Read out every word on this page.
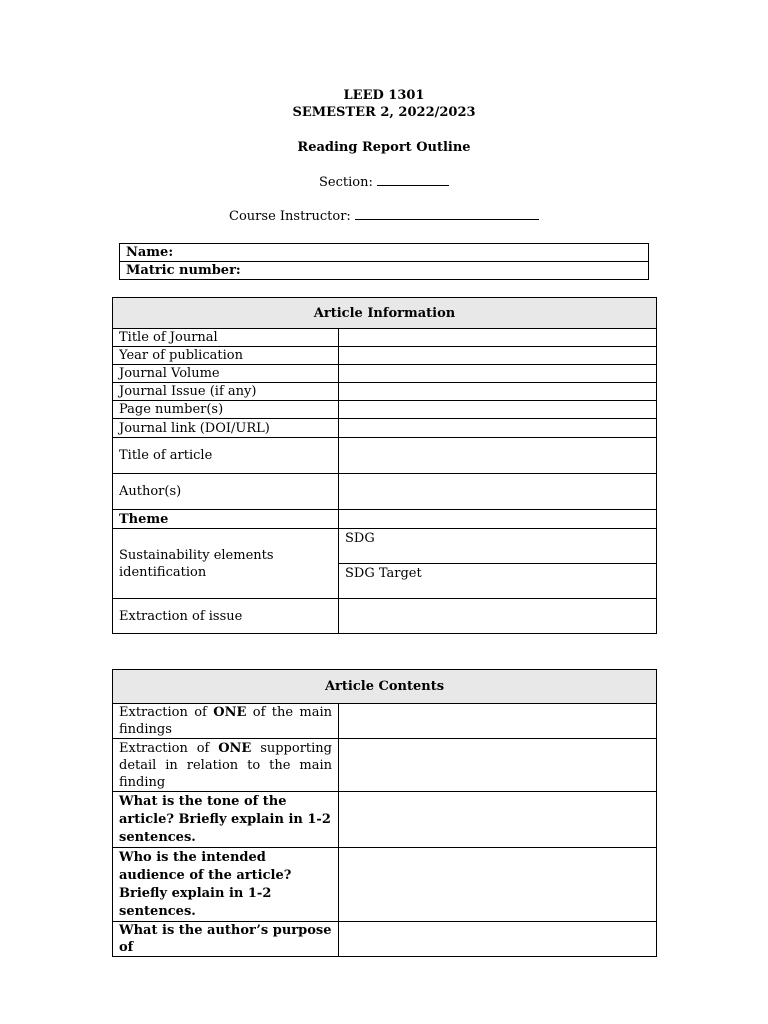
LEED 1301
SEMESTER 2, 2022/2023
Reading Report Outline
Section:
Course Instructor:
Name:
Matric number:
Article Information	
Title of Journal	
Year of publication	
Journal Volume	
Journal Issue (if any)	
Page number(s)	
Journal link (DOI/URL)	
Title of article	
Author(s)	
Theme	
Sustainability elements identification	SDG
	SDG Target
Extraction of issue	
Article Contents	
Extraction of ONE of the main findings	
Extraction of ONE supporting detail in relation to the main finding	
What is the tone of the article? Briefly explain in 1-2 sentences.	
Who is the intended audience of the article? Briefly explain in 1-2 sentences.	
What is the author’s purpose of	
